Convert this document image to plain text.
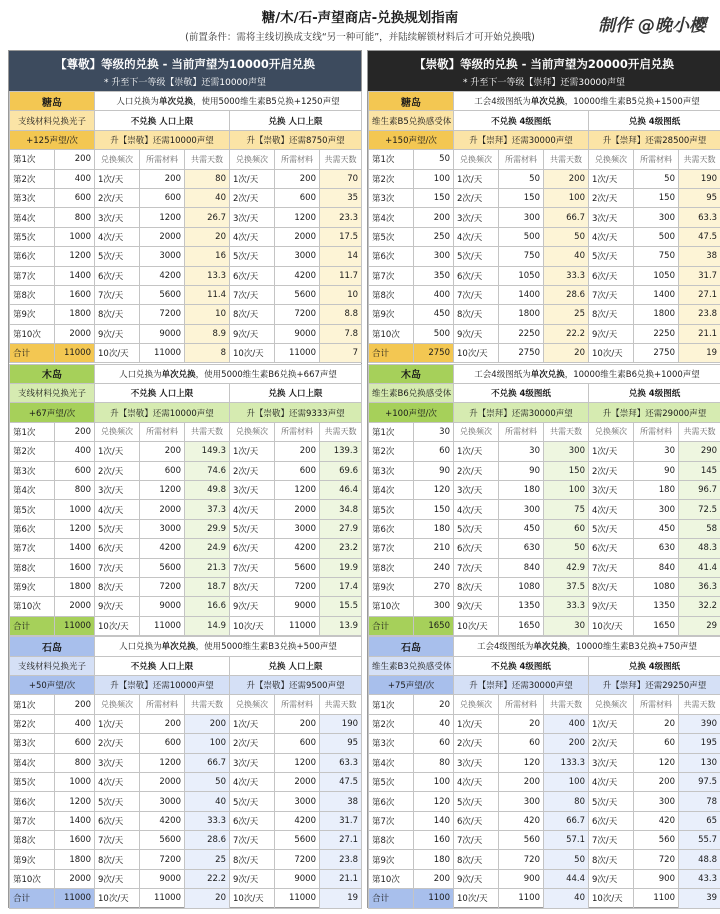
糖/木/石-声望商店-兑换规划指南
(前置条件：需将主线切换成支线“另一种可能”，并陆续解锁材料后才可开始兑换哦)
制作 @晚小樱
【尊敬】等级的兑换 - 当前声望为10000开启兑换
* 升至下一等级【崇敬】还需10000声望
糖岛		人口兑换为单次兑换，使用5000维生素B5兑换+1250声望					
支线材料兑换光子		不兑换 人口上限			兑换 人口上限		
+125声望/次		升【崇敬】还需10000声望			升【崇敬】还需8750声望		
第1次	200	兑换频次	所需材料	共需天数	兑换频次	所需材料	共需天数
第2次	400	1次/天	200	80	1次/天	200	70
第3次	600	2次/天	600	40	2次/天	600	35
第4次	800	3次/天	1200	26.7	3次/天	1200	23.3
第5次	1000	4次/天	2000	20	4次/天	2000	17.5
第6次	1200	5次/天	3000	16	5次/天	3000	14
第7次	1400	6次/天	4200	13.3	6次/天	4200	11.7
第8次	1600	7次/天	5600	11.4	7次/天	5600	10
第9次	1800	8次/天	7200	10	8次/天	7200	8.8
第10次	2000	9次/天	9000	8.9	9次/天	9000	7.8
合计	11000	10次/天	11000	8	10次/天	11000	7
木岛		人口兑换为单次兑换，使用5000维生素B6兑换+667声望					
支线材料兑换光子		不兑换 人口上限			兑换 人口上限		
+67声望/次		升【崇敬】还需10000声望			升【崇敬】还需9333声望		
第1次	200	兑换频次	所需材料	共需天数	兑换频次	所需材料	共需天数
第2次	400	1次/天	200	149.3	1次/天	200	139.3
第3次	600	2次/天	600	74.6	2次/天	600	69.6
第4次	800	3次/天	1200	49.8	3次/天	1200	46.4
第5次	1000	4次/天	2000	37.3	4次/天	2000	34.8
第6次	1200	5次/天	3000	29.9	5次/天	3000	27.9
第7次	1400	6次/天	4200	24.9	6次/天	4200	23.2
第8次	1600	7次/天	5600	21.3	7次/天	5600	19.9
第9次	1800	8次/天	7200	18.7	8次/天	7200	17.4
第10次	2000	9次/天	9000	16.6	9次/天	9000	15.5
合计	11000	10次/天	11000	14.9	10次/天	11000	13.9
石岛		人口兑换为单次兑换，使用5000维生素B3兑换+500声望					
支线材料兑换光子		不兑换 人口上限			兑换 人口上限		
+50声望/次		升【崇敬】还需10000声望			升【崇敬】还需9500声望		
第1次	200	兑换频次	所需材料	共需天数	兑换频次	所需材料	共需天数
第2次	400	1次/天	200	200	1次/天	200	190
第3次	600	2次/天	600	100	2次/天	600	95
第4次	800	3次/天	1200	66.7	3次/天	1200	63.3
第5次	1000	4次/天	2000	50	4次/天	2000	47.5
第6次	1200	5次/天	3000	40	5次/天	3000	38
第7次	1400	6次/天	4200	33.3	6次/天	4200	31.7
第8次	1600	7次/天	5600	28.6	7次/天	5600	27.1
第9次	1800	8次/天	7200	25	8次/天	7200	23.8
第10次	2000	9次/天	9000	22.2	9次/天	9000	21.1
合计	11000	10次/天	11000	20	10次/天	11000	19
【崇敬】等级的兑换 - 当前声望为20000开启兑换
* 升至下一等级【崇拜】还需30000声望
糖岛		工会4级图纸为单次兑换，10000维生素B5兑换+1500声望					
维生素B5兑换感受体		不兑换 4级图纸			兑换 4级图纸		
+150声望/次		升【崇拜】还需30000声望			升【崇拜】还需28500声望		
第1次	50	兑换频次	所需材料	共需天数	兑换频次	所需材料	共需天数
第2次	100	1次/天	50	200	1次/天	50	190
第3次	150	2次/天	150	100	2次/天	150	95
第4次	200	3次/天	300	66.7	3次/天	300	63.3
第5次	250	4次/天	500	50	4次/天	500	47.5
第6次	300	5次/天	750	40	5次/天	750	38
第7次	350	6次/天	1050	33.3	6次/天	1050	31.7
第8次	400	7次/天	1400	28.6	7次/天	1400	27.1
第9次	450	8次/天	1800	25	8次/天	1800	23.8
第10次	500	9次/天	2250	22.2	9次/天	2250	21.1
合计	2750	10次/天	2750	20	10次/天	2750	19
木岛		工会4级图纸为单次兑换，10000维生素B6兑换+1000声望					
维生素B6兑换感受体		不兑换 4级图纸			兑换 4级图纸		
+100声望/次		升【崇拜】还需30000声望			升【崇拜】还需29000声望		
第1次	30	兑换频次	所需材料	共需天数	兑换频次	所需材料	共需天数
第2次	60	1次/天	30	300	1次/天	30	290
第3次	90	2次/天	90	150	2次/天	90	145
第4次	120	3次/天	180	100	3次/天	180	96.7
第5次	150	4次/天	300	75	4次/天	300	72.5
第6次	180	5次/天	450	60	5次/天	450	58
第7次	210	6次/天	630	50	6次/天	630	48.3
第8次	240	7次/天	840	42.9	7次/天	840	41.4
第9次	270	8次/天	1080	37.5	8次/天	1080	36.3
第10次	300	9次/天	1350	33.3	9次/天	1350	32.2
合计	1650	10次/天	1650	30	10次/天	1650	29
石岛		工会4级图纸为单次兑换，10000维生素B3兑换+750声望					
维生素B3兑换感受体		不兑换 4级图纸			兑换 4级图纸		
+75声望/次		升【崇拜】还需30000声望			升【崇拜】还需29250声望		
第1次	20	兑换频次	所需材料	共需天数	兑换频次	所需材料	共需天数
第2次	40	1次/天	20	400	1次/天	20	390
第3次	60	2次/天	60	200	2次/天	60	195
第4次	80	3次/天	120	133.3	3次/天	120	130
第5次	100	4次/天	200	100	4次/天	200	97.5
第6次	120	5次/天	300	80	5次/天	300	78
第7次	140	6次/天	420	66.7	6次/天	420	65
第8次	160	7次/天	560	57.1	7次/天	560	55.7
第9次	180	8次/天	720	50	8次/天	720	48.8
第10次	200	9次/天	900	44.4	9次/天	900	43.3
合计	1100	10次/天	1100	40	10次/天	1100	39
